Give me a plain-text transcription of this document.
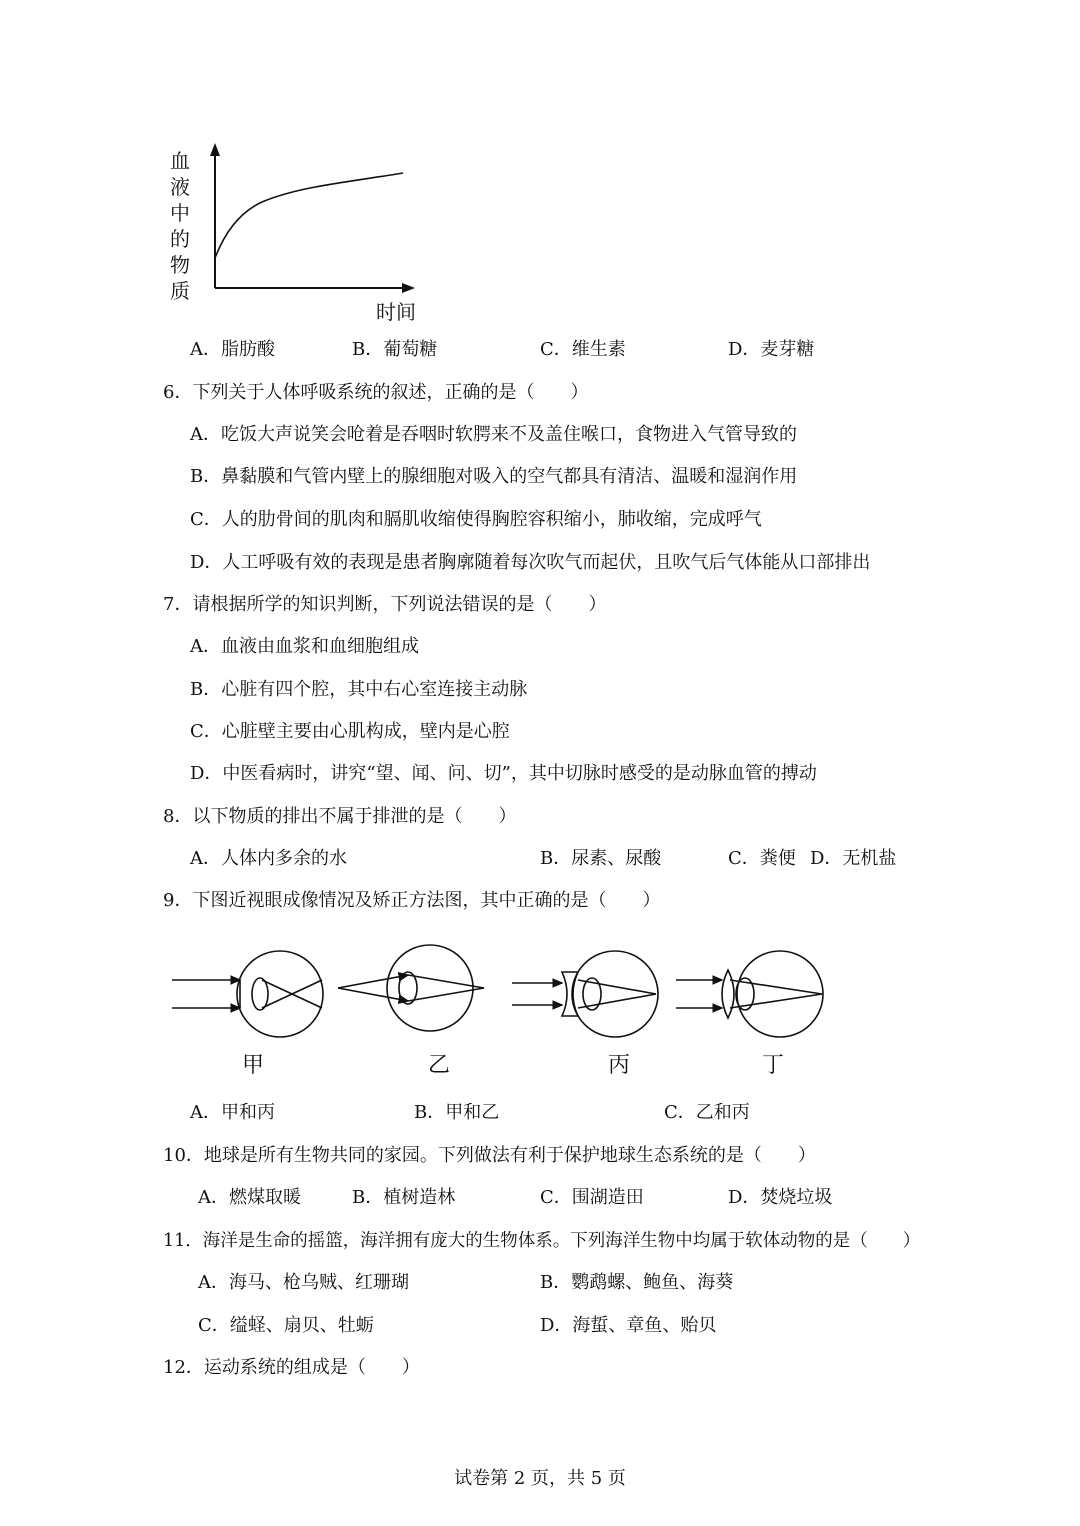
血
液
中
的
物
质
时间
A．脂肪酸	B．葡萄糖	C．维生素	D．麦芽糖
6．下列关于人体呼吸系统的叙述，正确的是（　　）
A．吃饭大声说笑会呛着是吞咽时软腭来不及盖住喉口，食物进入气管导致的
B．鼻黏膜和气管内壁上的腺细胞对吸入的空气都具有清洁、温暖和湿润作用
C．人的肋骨间的肌肉和膈肌收缩使得胸腔容积缩小，肺收缩，完成呼气
D．人工呼吸有效的表现是患者胸廓随着每次吹气而起伏，且吹气后气体能从口部排出
7．请根据所学的知识判断，下列说法错误的是（　　）
A．血液由血浆和血细胞组成
B．心脏有四个腔，其中右心室连接主动脉
C．心脏壁主要由心肌构成，壁内是心腔
D．中医看病时，讲究“望、闻、问、切”，其中切脉时感受的是动脉血管的搏动
8．以下物质的排出不属于排泄的是（　　）
A．人体内多余的水	B．尿素、尿酸	C．粪便 D．无机盐
9．下图近视眼成像情况及矫正方法图，其中正确的是（　　）
甲	乙	丙	丁
A．甲和丙	B．甲和乙	C．乙和丙
10．地球是所有生物共同的家园。下列做法有利于保护地球生态系统的是（　　）
A．燃煤取暖	B．植树造林	C．围湖造田	D．焚烧垃圾
11．海洋是生命的摇篮，海洋拥有庞大的生物体系。下列海洋生物中均属于软体动物的是（　　）
A．海马、枪乌贼、红珊瑚	B．鹦鹉螺、鲍鱼、海葵
C．缢蛏、扇贝、牡蛎	D．海蜇、章鱼、贻贝
12．运动系统的组成是（　　）
试卷第 2 页，共 5 页
